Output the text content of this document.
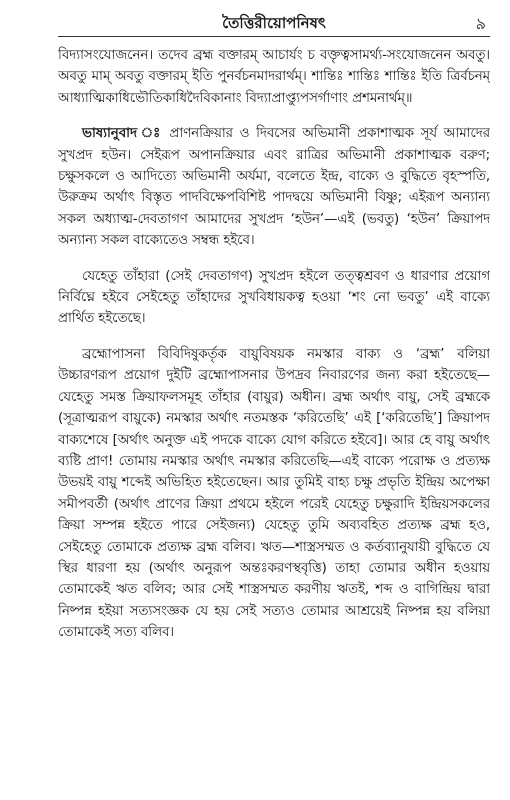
তৈত্তিরীয়োপনিষৎ	৯

বিদ্যাসংযোজনেন। তদেব ব্রহ্ম বক্তারম্ আচার্যং চ বক্তৃত্বসামর্থ্য-সংযোজনেন অবতু। অবতু মাম্ অবতু বক্তারম্ ইতি পুনর্বচনমাদরার্থম্। শান্তিঃ শান্তিঃ শান্তিঃ ইতি ত্রির্বচনম্ আধ্যাত্মিকাধিভৌতিকাধিদৈবিকানাং বিদ্যাপ্রাপ্ত্যুপসর্গাণাং প্রশমনার্থম্॥

ভাষ্যানুবাদ ঃ প্রাণনক্রিয়ার ও দিবসের অভিমানী প্রকাশাত্মক সূর্য আমাদের সুখপ্রদ হউন। সেইরূপ অপানক্রিয়ার এবং রাত্রির অভিমানী প্রকাশাত্মক বরুণ; চক্ষুসকলে ও আদিত্যে অভিমানী অর্যমা, বলেতে ইন্দ্র, বাক্যে ও বুদ্ধিতে বৃহস্পতি, উরুক্রম অর্থাৎ বিস্তৃত পাদবিক্ষেপবিশিষ্ট পাদদ্বয়ে অভিমানী বিষ্ণু; এইরূপ অন্যান্য সকল অধ্যাত্ম-দেবতাগণ আমাদের সুখপ্রদ ‘হউন’—এই (ভবতু) ‘হউন’ ক্রিয়াপদ অন্যান্য সকল বাক্যেতেও সম্বন্ধ হইবে।

যেহেতু তাঁহারা (সেই দেবতাগণ) সুখপ্রদ হইলে তত্ত্বশ্রবণ ও ধারণার প্রয়োগ নির্বিঘ্নে হইবে সেইহেতু তাঁহাদের সুখবিধায়কত্ব হওয়া ‘শং নো ভবতু’ এই বাক্যে প্রার্থিত হইতেছে।

ব্রহ্মোপাসনা বিবিদিষুকর্তৃক বায়ুবিষয়ক নমস্কার বাক্য ও ‘ব্রহ্ম’ বলিয়া উচ্চারণরূপ প্রয়োগ দুইটি ব্রহ্মোপাসনার উপদ্রব নিবারণের জন্য করা হইতেছে—যেহেতু সমস্ত ক্রিয়াফলসমূহ তাঁহার (বায়ুর) অধীন। ব্রহ্ম অর্থাৎ বায়ু, সেই ব্রহ্মকে (সূত্রাত্মরূপ বায়ুকে) নমস্কার অর্থাৎ নতমস্তক ‘করিতেছি’ এই [‘করিতেছি’] ক্রিয়াপদ বাক্যশেষে [অর্থাৎ অনুক্ত এই পদকে বাক্যে যোগ করিতে হইবে]। আর হে বায়ু অর্থাৎ ব্যষ্টি প্রাণ! তোমায় নমস্কার অর্থাৎ নমস্কার করিতেছি—এই বাক্যে পরোক্ষ ও প্রত্যক্ষ উভয়ই বায়ু শব্দেই অভিহিত হইতেছেন। আর তুমিই বাহ্য চক্ষু প্রভৃতি ইন্দ্রিয় অপেক্ষা সমীপবর্তী (অর্থাৎ প্রাণের ক্রিয়া প্রথমে হইলে পরেই যেহেতু চক্ষুরাদি ইন্দ্রিয়সকলের ক্রিয়া সম্পন্ন হইতে পারে সেইজন্য) যেহেতু তুমি অব্যবহিত প্রত্যক্ষ ব্রহ্ম হও, সেইহেতু তোমাকে প্রত্যক্ষ ব্রহ্ম বলিব। ঋত—শাস্ত্রসম্মত ও কর্তব্যানুযায়ী বুদ্ধিতে যে স্থির ধারণা হয় (অর্থাৎ অনুরূপ অন্তঃকরণস্থবৃত্তি) তাহা তোমার অধীন হওয়ায় তোমাকেই ঋত বলিব; আর সেই শাস্ত্রসম্মত করণীয় ঋতই, শব্দ ও বাগিন্দ্রিয় দ্বারা নিষ্পন্ন হইয়া সত্যসংজ্ঞক যে হয় সেই সত্যও তোমার আশ্রয়েই নিষ্পন্ন হয় বলিয়া তোমাকেই সত্য বলিব।
